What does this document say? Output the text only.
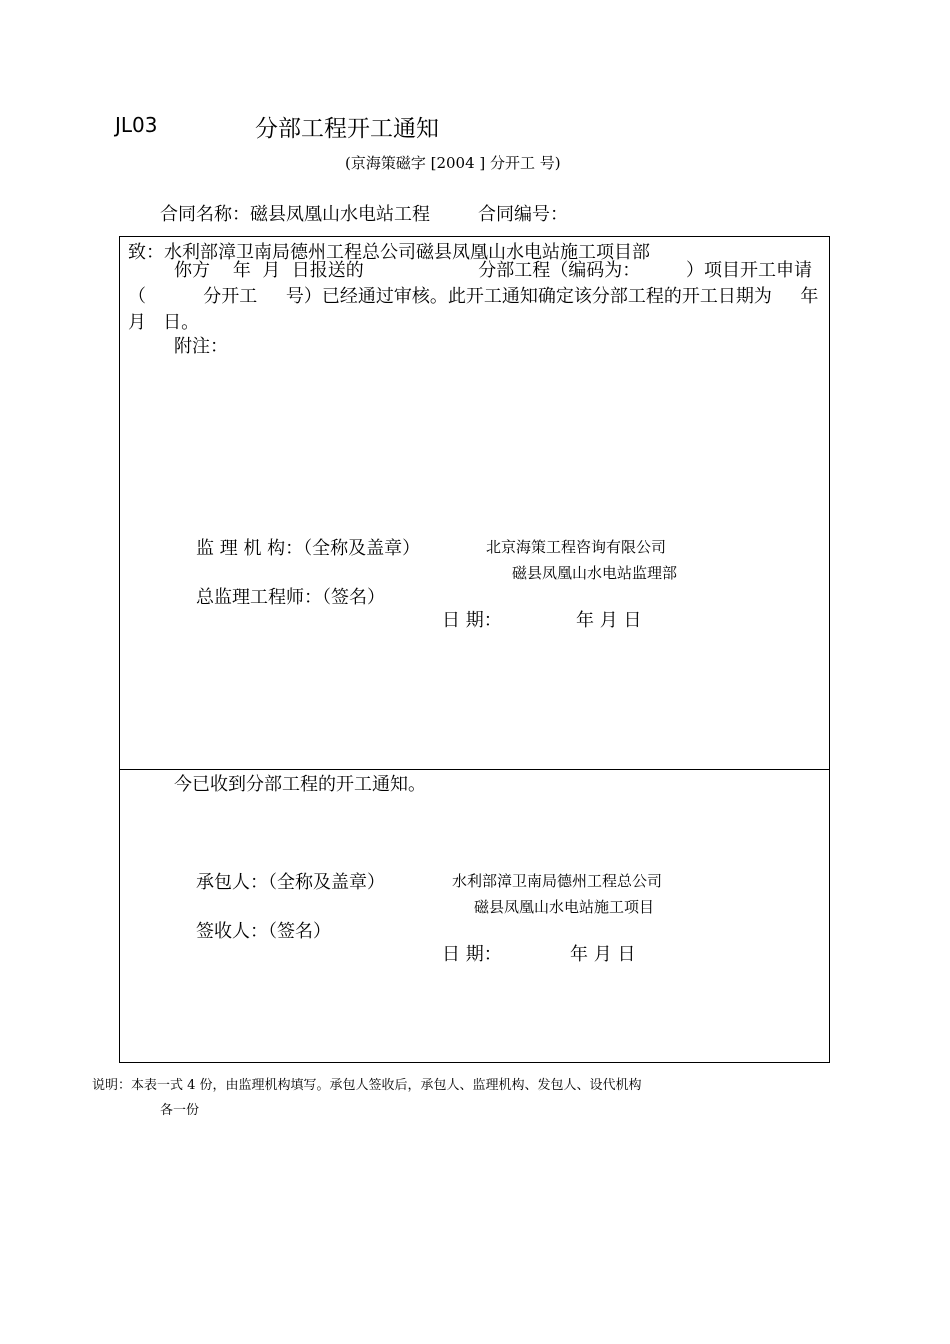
JL03	分部工程开工通知
(京海策磁字 [2004 ] 分开工 号)
合同名称：磁县凤凰山水电站工程	合同编号：
致：水利部漳卫南局德州工程总公司磁县凤凰山水电站施工项目部
你方    年  月  日报送的                    分部工程（编码为：        ）项目开工申请（          分开工     号）已经通过审核。此开工通知确定该分部工程的开工日期为     年   月   日。
附注：
监 理 机 构：（全称及盖章）	北京海策工程咨询有限公司
磁县凤凰山水电站监理部
总监理工程师：（签名）
日 期：	年 月 日
今已收到分部工程的开工通知。
承包人：（全称及盖章）	水利部漳卫南局德州工程总公司
磁县凤凰山水电站施工项目
签收人：（签名）
日 期：	年 月 日
说明：本表一式 4 份，由监理机构填写。承包人签收后，承包人、监理机构、发包人、设代机构
各一份
